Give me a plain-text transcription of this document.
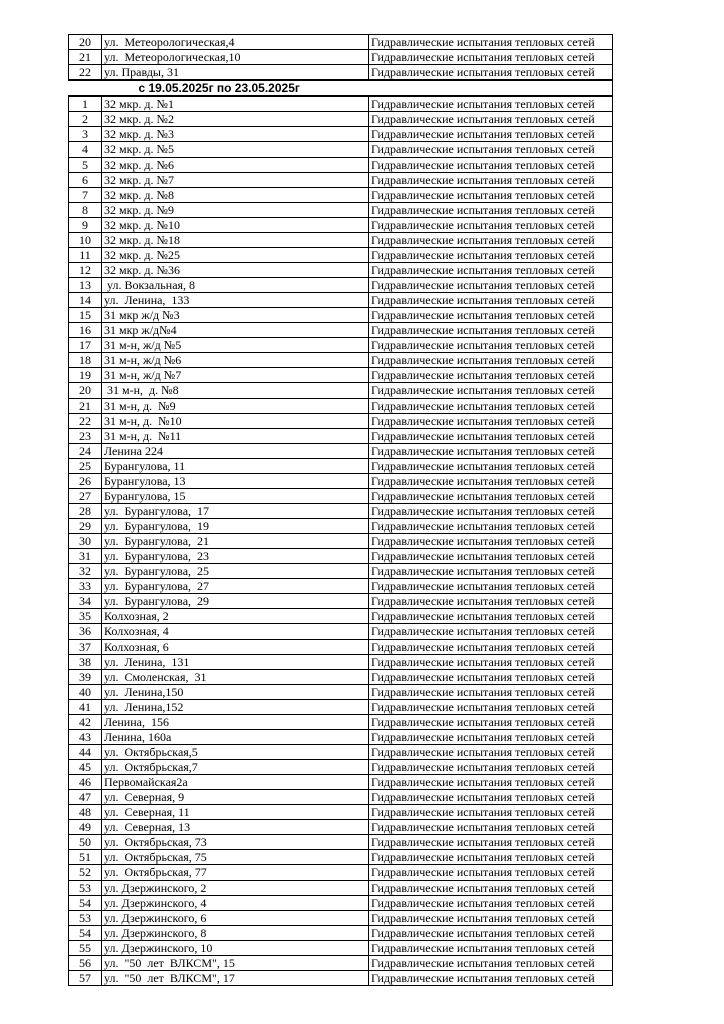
20	ул.  Метеорологическая,4	Гидравлические испытания тепловых сетей
21	ул.  Метеорологическая,10	Гидравлические испытания тепловых сетей
22	ул. Правды, 31	Гидравлические испытания тепловых сетей
с 19.05.2025г по 23.05.2025г		
1	32 мкр. д. №1	Гидравлические испытания тепловых сетей
2	32 мкр. д. №2	Гидравлические испытания тепловых сетей
3	32 мкр. д. №3	Гидравлические испытания тепловых сетей
4	32 мкр. д. №5	Гидравлические испытания тепловых сетей
5	32 мкр. д. №6	Гидравлические испытания тепловых сетей
6	32 мкр. д. №7	Гидравлические испытания тепловых сетей
7	32 мкр. д. №8	Гидравлические испытания тепловых сетей
8	32 мкр. д. №9	Гидравлические испытания тепловых сетей
9	32 мкр. д. №10	Гидравлические испытания тепловых сетей
10	32 мкр. д. №18	Гидравлические испытания тепловых сетей
11	32 мкр. д. №25	Гидравлические испытания тепловых сетей
12	32 мкр. д. №36	Гидравлические испытания тепловых сетей
13	ул. Вокзальная, 8	Гидравлические испытания тепловых сетей
14	ул.  Ленина,  133	Гидравлические испытания тепловых сетей
15	31 мкр ж/д №3	Гидравлические испытания тепловых сетей
16	31 мкр ж/д№4	Гидравлические испытания тепловых сетей
17	31 м-н, ж/д №5	Гидравлические испытания тепловых сетей
18	31 м-н, ж/д №6	Гидравлические испытания тепловых сетей
19	31 м-н, ж/д №7	Гидравлические испытания тепловых сетей
20	31 м-н,  д. №8	Гидравлические испытания тепловых сетей
21	31 м-н, д.  №9	Гидравлические испытания тепловых сетей
22	31 м-н, д.  №10	Гидравлические испытания тепловых сетей
23	31 м-н, д.  №11	Гидравлические испытания тепловых сетей
24	Ленина 224	Гидравлические испытания тепловых сетей
25	Бурангулова, 11	Гидравлические испытания тепловых сетей
26	Бурангулова, 13	Гидравлические испытания тепловых сетей
27	Бурангулова, 15	Гидравлические испытания тепловых сетей
28	ул.  Бурангулова,  17	Гидравлические испытания тепловых сетей
29	ул.  Бурангулова,  19	Гидравлические испытания тепловых сетей
30	ул.  Бурангулова,  21	Гидравлические испытания тепловых сетей
31	ул.  Бурангулова,  23	Гидравлические испытания тепловых сетей
32	ул.  Бурангулова,  25	Гидравлические испытания тепловых сетей
33	ул.  Бурангулова,  27	Гидравлические испытания тепловых сетей
34	ул.  Бурангулова,  29	Гидравлические испытания тепловых сетей
35	Колхозная, 2	Гидравлические испытания тепловых сетей
36	Колхозная, 4	Гидравлические испытания тепловых сетей
37	Колхозная, 6	Гидравлические испытания тепловых сетей
38	ул.  Ленина,  131	Гидравлические испытания тепловых сетей
39	ул.  Смоленская,  31	Гидравлические испытания тепловых сетей
40	ул.  Ленина,150	Гидравлические испытания тепловых сетей
41	ул.  Ленина,152	Гидравлические испытания тепловых сетей
42	Ленина,  156	Гидравлические испытания тепловых сетей
43	Ленина, 160а	Гидравлические испытания тепловых сетей
44	ул.  Октябрьская,5	Гидравлические испытания тепловых сетей
45	ул.  Октябрьская,7	Гидравлические испытания тепловых сетей
46	Первомайская2а	Гидравлические испытания тепловых сетей
47	ул.  Северная, 9	Гидравлические испытания тепловых сетей
48	ул.  Северная, 11	Гидравлические испытания тепловых сетей
49	ул.  Северная, 13	Гидравлические испытания тепловых сетей
50	ул.  Октябрьская, 73	Гидравлические испытания тепловых сетей
51	ул.  Октябрьская, 75	Гидравлические испытания тепловых сетей
52	ул.  Октябрьская, 77	Гидравлические испытания тепловых сетей
53	ул. Дзержинского, 2	Гидравлические испытания тепловых сетей
54	ул. Дзержинского, 4	Гидравлические испытания тепловых сетей
53	ул. Дзержинского, 6	Гидравлические испытания тепловых сетей
54	ул. Дзержинского, 8	Гидравлические испытания тепловых сетей
55	ул. Дзержинского, 10	Гидравлические испытания тепловых сетей
56	ул.  "50  лет  ВЛКСМ", 15	Гидравлические испытания тепловых сетей
57	ул.  "50  лет  ВЛКСМ", 17	Гидравлические испытания тепловых сетей
